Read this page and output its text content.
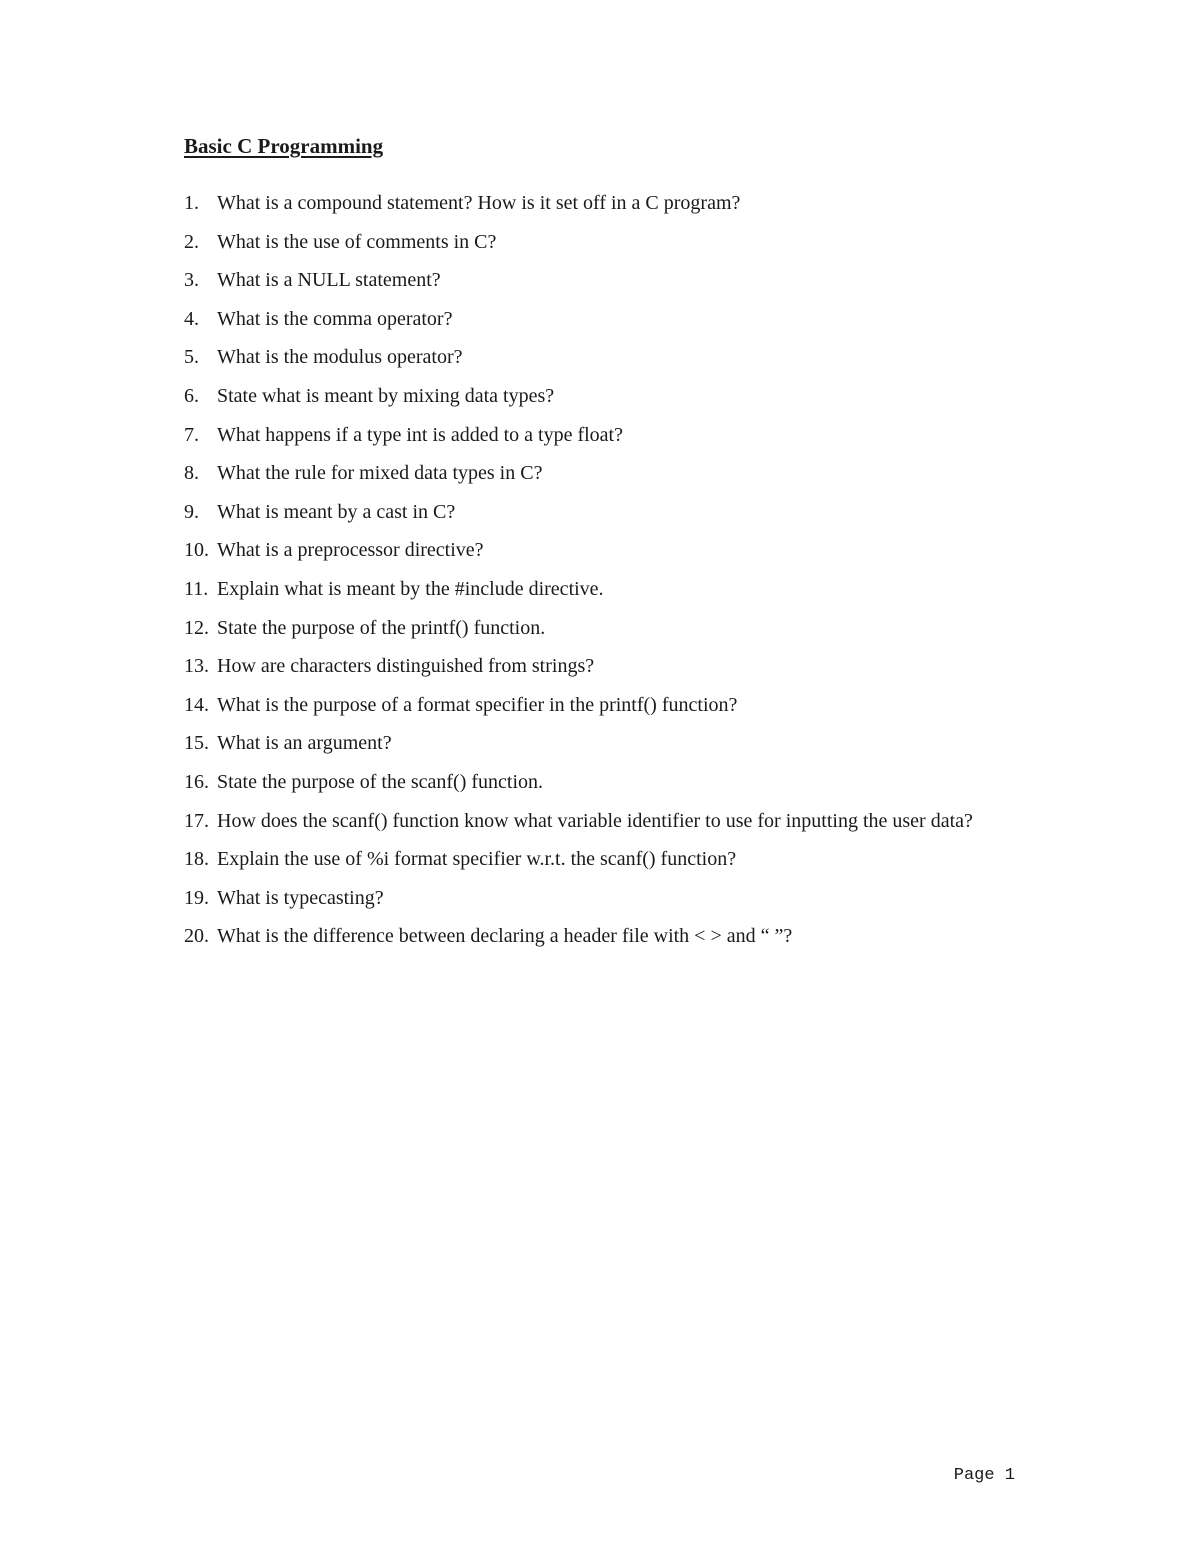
Basic C Programming
1. What is a compound statement? How is it set off in a C program?
2. What is the use of comments in C?
3. What is a NULL statement?
4. What is the comma operator?
5. What is the modulus operator?
6. State what is meant by mixing data types?
7. What happens if a type int is added to a type float?
8. What the rule for mixed data types in C?
9. What is meant by a cast in C?
10. What is a preprocessor directive?
11. Explain what is meant by the #include directive.
12. State the purpose of the printf() function.
13. How are characters distinguished from strings?
14. What is the purpose of a format specifier in the printf() function?
15. What is an argument?
16. State the purpose of the scanf() function.
17. How does the scanf() function know what variable identifier to use for inputting the user data?
18. Explain the use of %i format specifier w.r.t. the scanf() function?
19. What is typecasting?
20. What is the difference between declaring a header file with < > and “ ”?
Page 1
